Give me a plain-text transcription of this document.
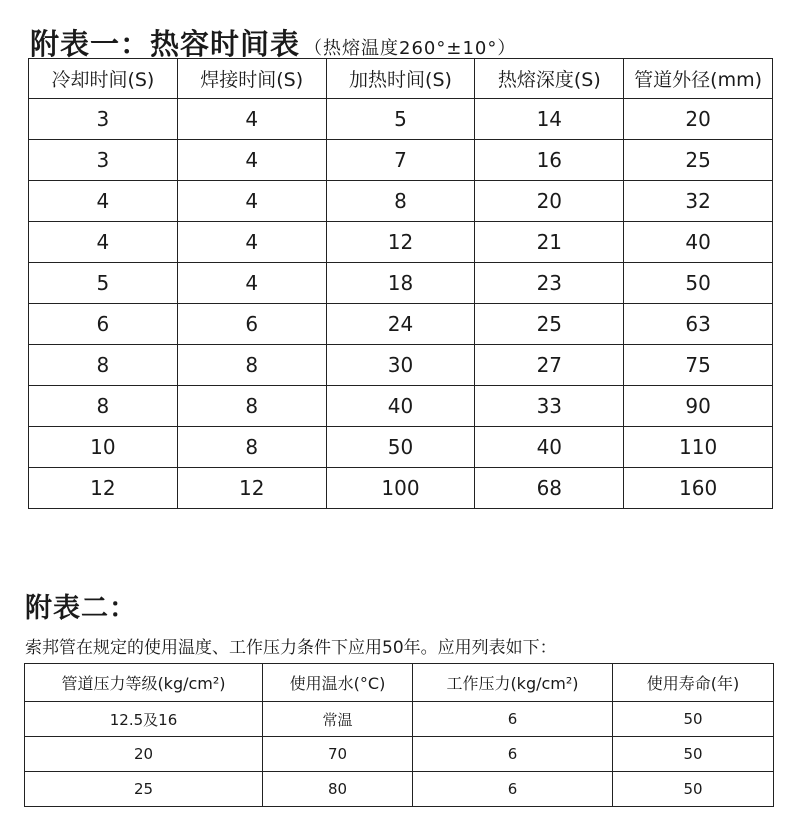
附表一：热容时间表 （热熔温度260°±10°）
冷却时间(S)	焊接时间(S)	加热时间(S)	热熔深度(S)	管道外径(mm)
3	4	5	14	20
3	4	7	16	25
4	4	8	20	32
4	4	12	21	40
5	4	18	23	50
6	6	24	25	63
8	8	30	27	75
8	8	40	33	90
10	8	50	40	110
12	12	100	68	160
附表二：
索邦管在规定的使用温度、工作压力条件下应用50年。应用列表如下：
管道压力等级(kg/cm²)	使用温水(°C)	工作压力(kg/cm²)	使用寿命(年)
12.5及16	常温	6	50
20	70	6	50
25	80	6	50
